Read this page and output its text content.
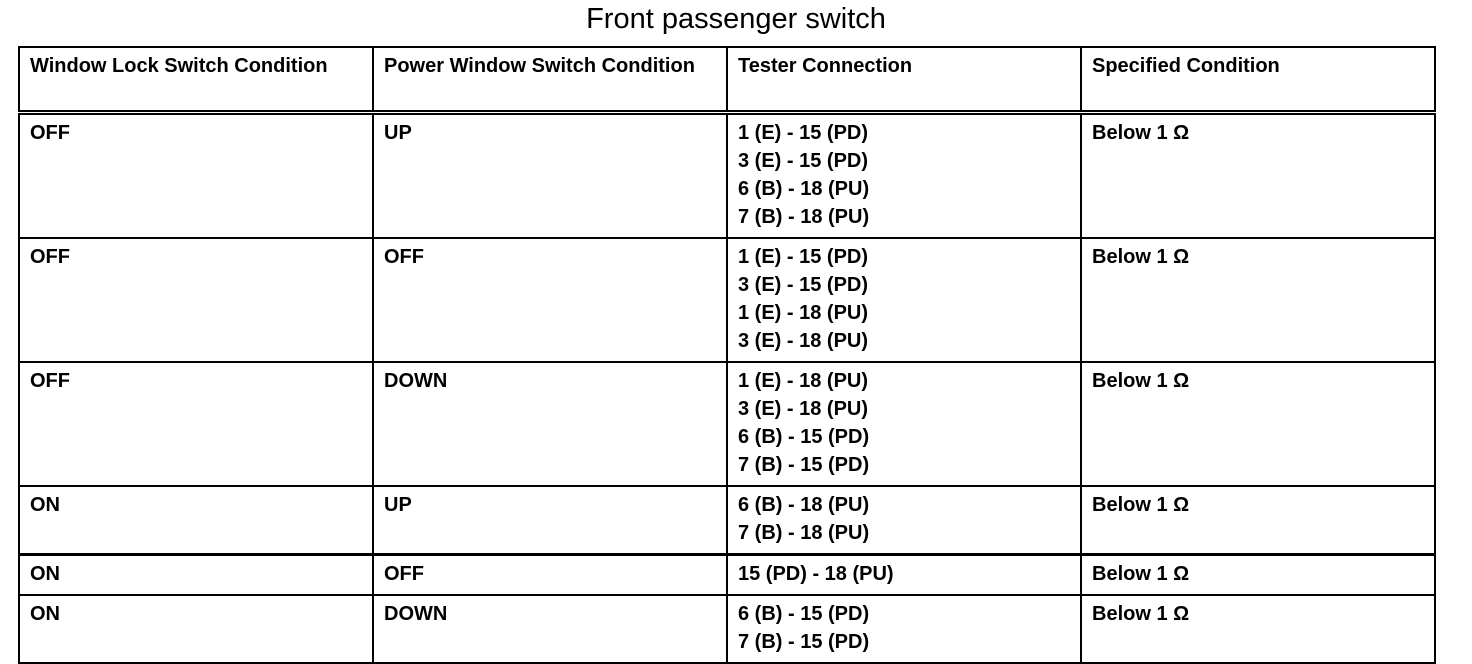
Front passenger switch
Window Lock Switch Condition	Power Window Switch Condition	Tester Connection	Specified Condition
OFF	UP	1 (E) - 15 (PD)
3 (E) - 15 (PD)
6 (B) - 18 (PU)
7 (B) - 18 (PU)	Below 1 Ω
OFF	OFF	1 (E) - 15 (PD)
3 (E) - 15 (PD)
1 (E) - 18 (PU)
3 (E) - 18 (PU)	Below 1 Ω
OFF	DOWN	1 (E) - 18 (PU)
3 (E) - 18 (PU)
6 (B) - 15 (PD)
7 (B) - 15 (PD)	Below 1 Ω
ON	UP	6 (B) - 18 (PU)
7 (B) - 18 (PU)	Below 1 Ω
ON	OFF	15 (PD) - 18 (PU)	Below 1 Ω
ON	DOWN	6 (B) - 15 (PD)
7 (B) - 15 (PD)	Below 1 Ω
